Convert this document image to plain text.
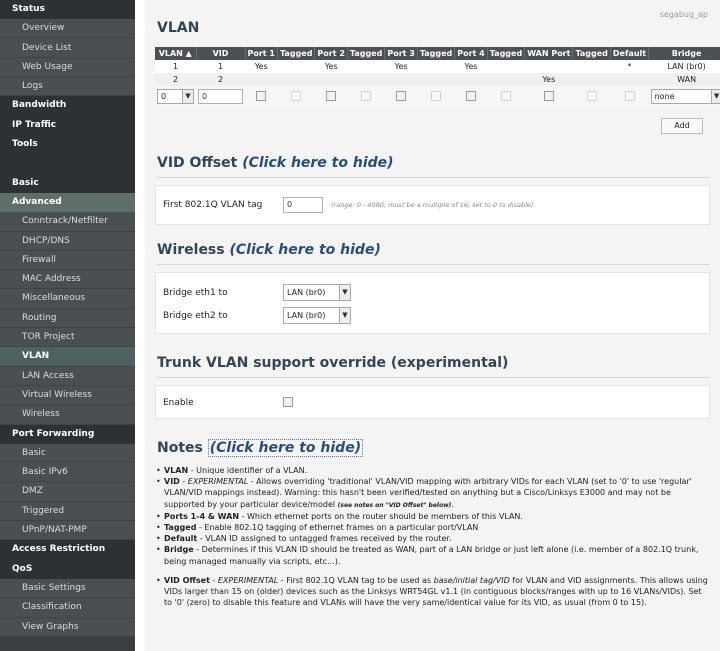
Status
Overview
Device List
Web Usage
Logs
Bandwidth
IP Traffic
Tools
Basic
Advanced
Conntrack/Netfilter
DHCP/DNS
Firewall
MAC Address
Miscellaneous
Routing
TOR Project
VLAN
LAN Access
Virtual Wireless
Wireless
Port Forwarding
Basic
Basic IPv6
DMZ
Triggered
UPnP/NAT-PMP
Access Restriction
QoS
Basic Settings
Classification
View Graphs
segabug_ap
VLAN
VLAN ▲	VID	Port 1	Tagged	Port 2	Tagged	Port 3	Tagged	Port 4	Tagged	WAN Port	Tagged	Default	Bridge
1	1	Yes		Yes		Yes		Yes				*	LAN (br0)
2	2									Yes			WAN
0 ▼	0												none ▼
Add
VID Offset (Click here to hide)
First 802.1Q VLAN tag	0	(range: 0 - 4080; must be a multiple of 16; set to 0 to disable)
Wireless (Click here to hide)
Bridge eth1 to	LAN (br0)	▼
Bridge eth2 to	LAN (br0)	▼
Trunk VLAN support override (experimental)
Enable
Notes (Click here to hide)
• VLAN - Unique identifier of a VLAN.
• VID - EXPERIMENTAL - Allows overriding 'traditional' VLAN/VID mapping with arbitrary VIDs for each VLAN (set to '0' to use 'regular' VLAN/VID mappings instead). Warning: this hasn't been verified/tested on anything but a Cisco/Linksys E3000 and may not be supported by your particular device/model (see notes on "VID Offset" below).
• Ports 1-4 & WAN - Which ethernet ports on the router should be members of this VLAN.
• Tagged - Enable 802.1Q tagging of ethernet frames on a particular port/VLAN
• Default - VLAN ID assigned to untagged frames received by the router.
• Bridge - Determines if this VLAN ID should be treated as WAN, part of a LAN bridge or just left alone (i.e. member of a 802.1Q trunk, being managed manually via scripts, etc...).
• VID Offset - EXPERIMENTAL - First 802.1Q VLAN tag to be used as base/initial tag/VID for VLAN and VID assignments. This allows using VIDs larger than 15 on (older) devices such as the Linksys WRT54GL v1.1 (in contiguous blocks/ranges with up to 16 VLANs/VIDs). Set to '0' (zero) to disable this feature and VLANs will have the very same/identical value for its VID, as usual (from 0 to 15).
